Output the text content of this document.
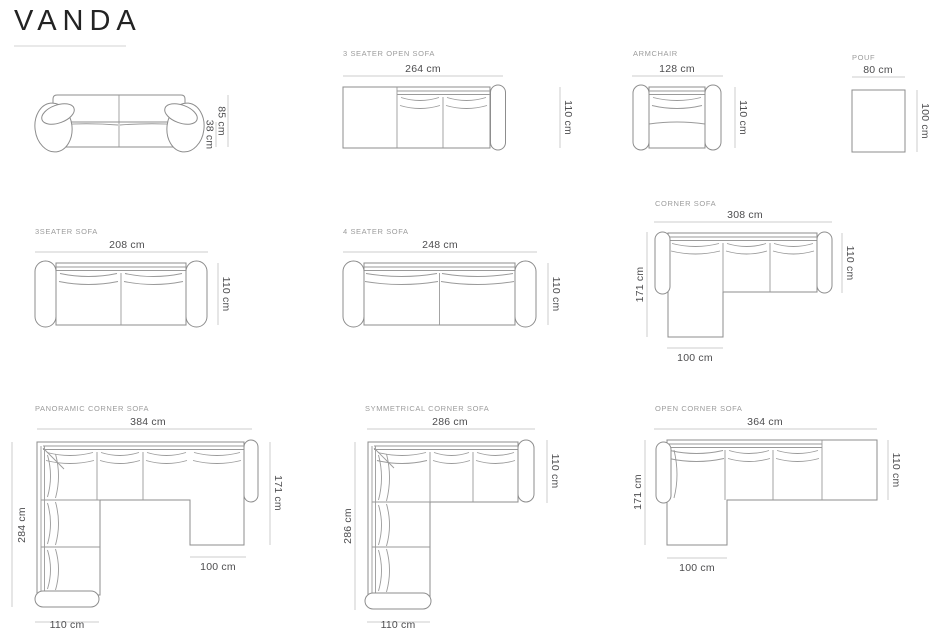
VANDA
85 cm
38 cm
3 SEATER OPEN SOFA
264 cm
110 cm
ARMCHAIR
128 cm
110 cm
POUF
80 cm
100 cm
3SEATER SOFA
208 cm
110 cm
4 SEATER SOFA
248 cm
110 cm
CORNER SOFA
308 cm
100 cm
171 cm
110 cm
PANORAMIC CORNER SOFA
384 cm
100 cm
110 cm
284 cm
171 cm
SYMMETRICAL CORNER SOFA
286 cm
110 cm
286 cm
110 cm
OPEN CORNER SOFA
364 cm
100 cm
171 cm
110 cm
